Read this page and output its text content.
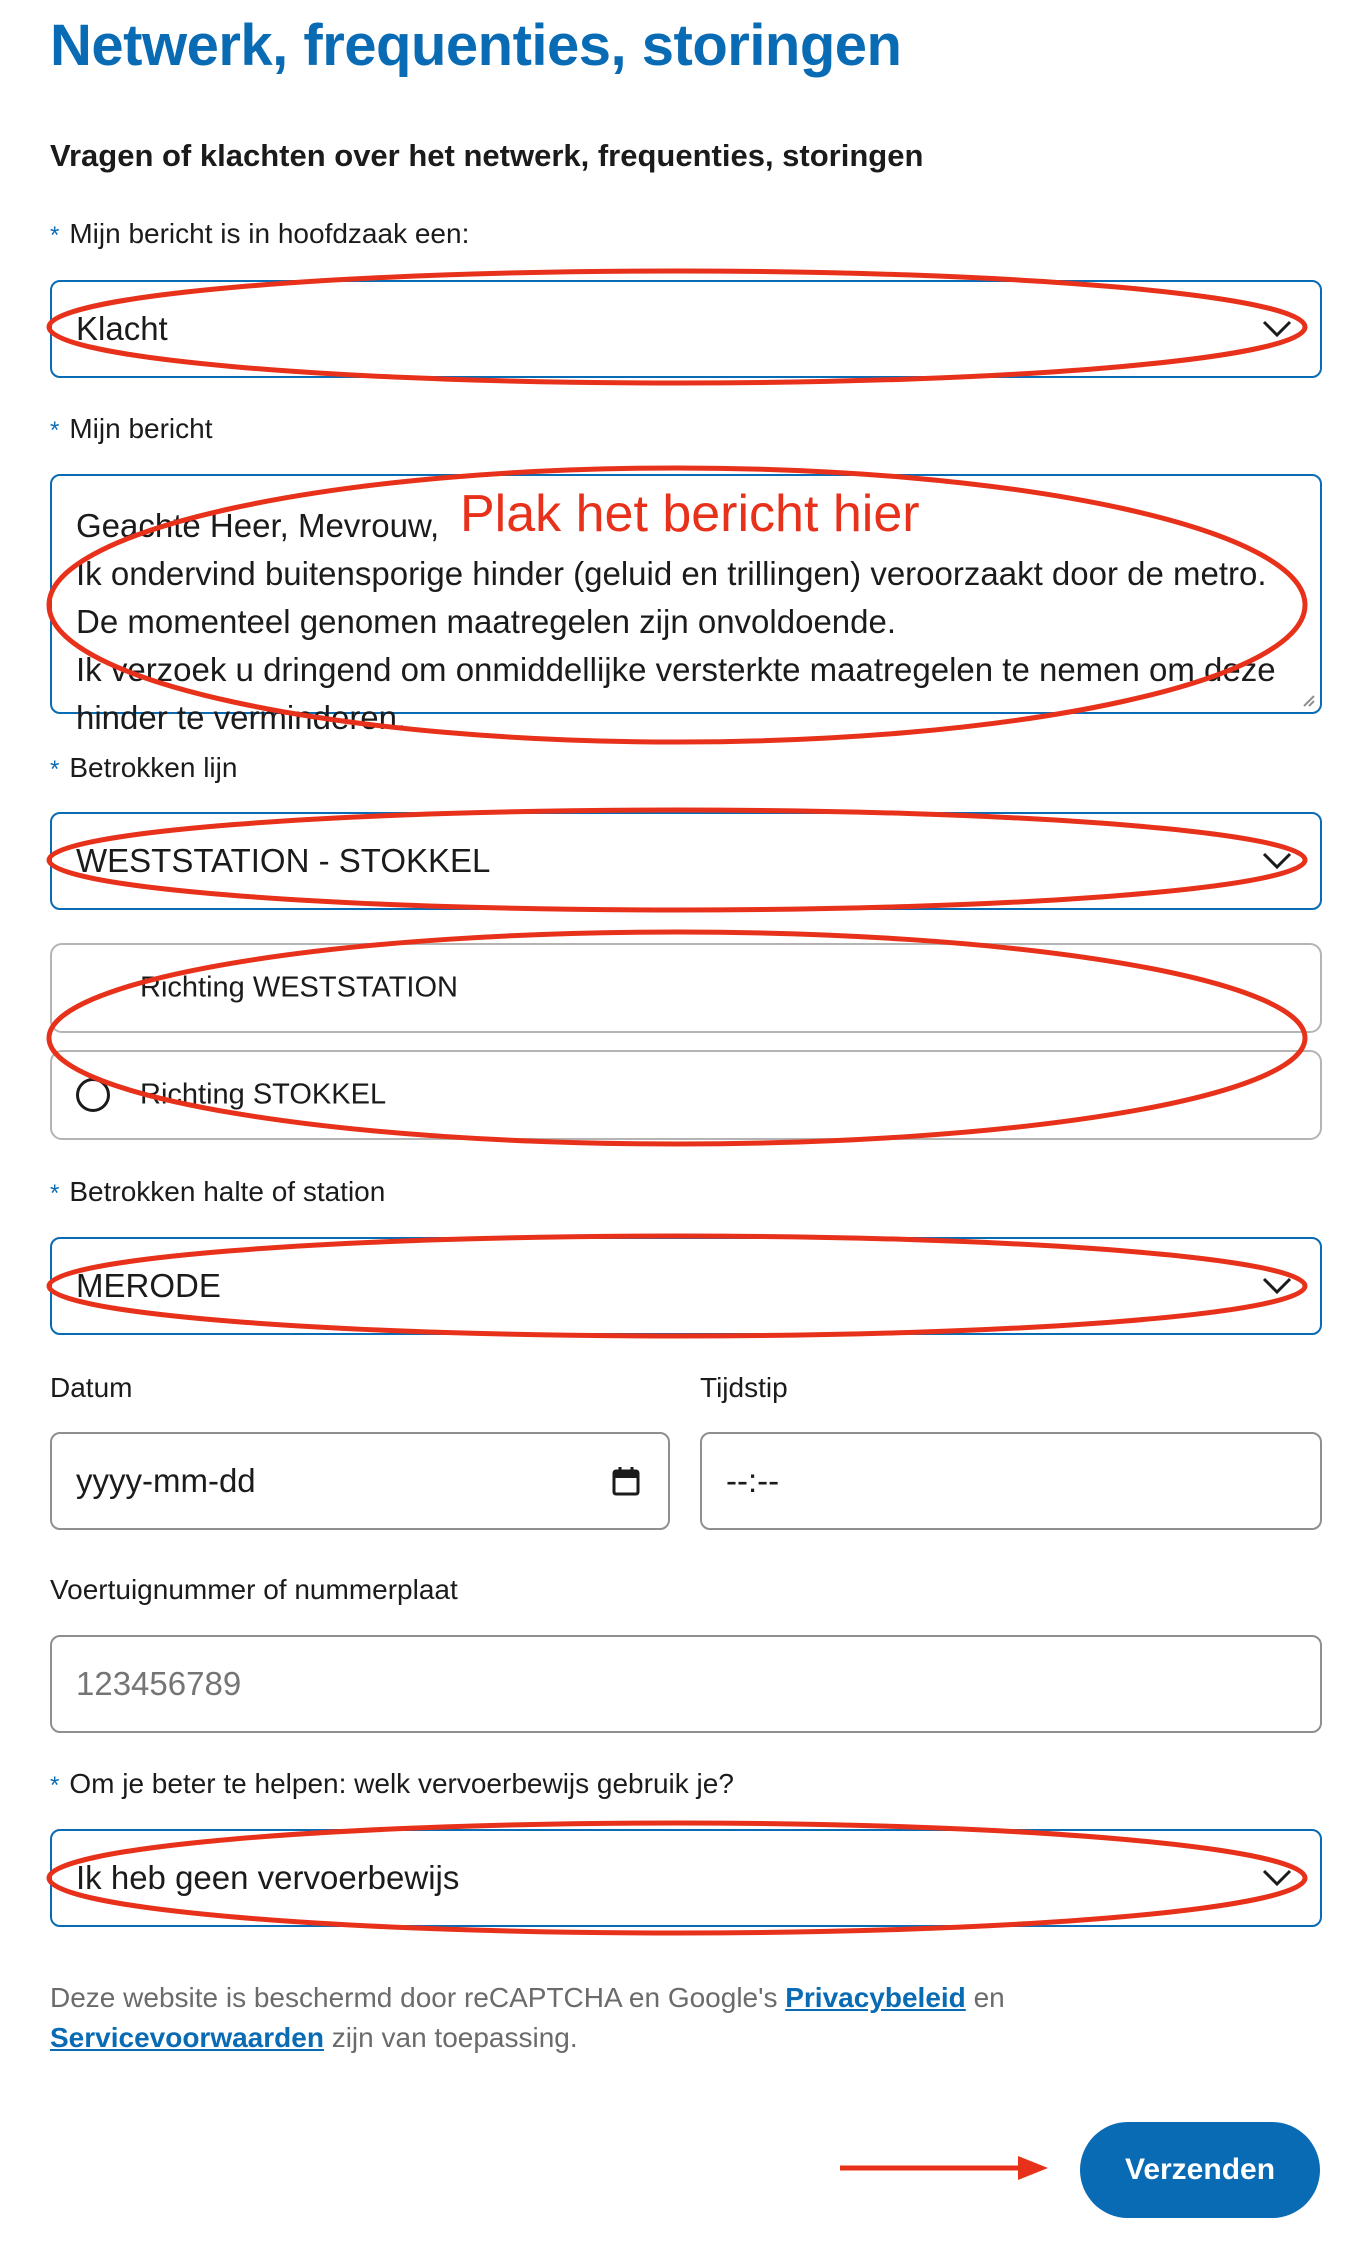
Netwerk, frequenties, storingen
Vragen of klachten over het netwerk, frequenties, storingen
* Mijn bericht is in hoofdzaak een:
Klacht
* Mijn bericht
Geachte Heer, Mevrouw,
Ik ondervind buitensporige hinder (geluid en trillingen) veroorzaakt door de metro. De momenteel genomen maatregelen zijn onvoldoende.
Ik verzoek u dringend om onmiddellijke versterkte maatregelen te nemen om deze hinder te verminderen.
* Betrokken lijn
WESTSTATION - STOKKEL
Richting WESTSTATION
Richting STOKKEL
* Betrokken halte of station
MERODE
Datum	Tijdstip
yyyy-mm-dd	--:--
Voertuignummer of nummerplaat
123456789
* Om je beter te helpen: welk vervoerbewijs gebruik je?
Ik heb geen vervoerbewijs
Deze website is beschermd door reCAPTCHA en Google's Privacybeleid en
Servicevoorwaarden zijn van toepassing.
Verzenden
Plak het bericht hier
